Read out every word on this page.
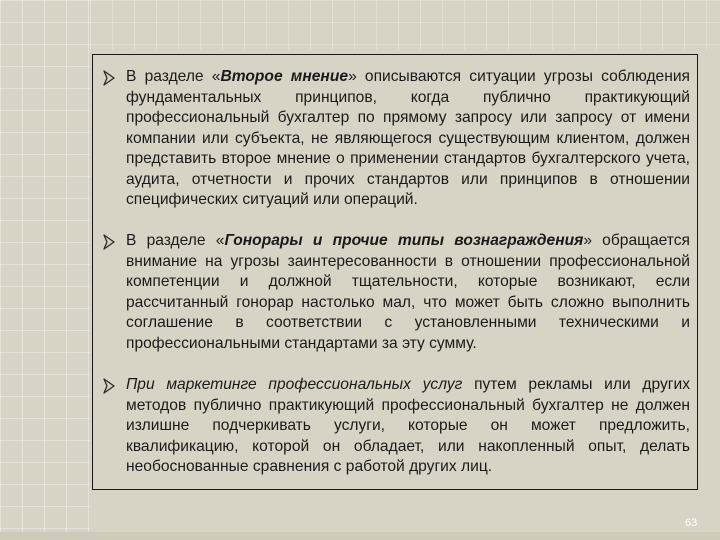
В разделе «Второе мнение» описываются ситуации угрозы соблюдения фундаментальных принципов, когда публично практикующий профессиональный бухгалтер по прямому запросу или запросу от имени компании или субъекта, не являющегося существующим клиентом, должен представить второе мнение о применении стандартов бухгалтерского учета, аудита, отчетности и прочих стандартов или принципов в отношении специфических ситуаций или операций.

В разделе «Гонорары и прочие типы вознаграждения» обращается внимание на угрозы заинтересованности в отношении профессиональной компетенции и должной тщательности, которые возникают, если рассчитанный гонорар настолько мал, что может быть сложно выполнить соглашение в соответствии с установленными техническими и профессиональными стандартами за эту сумму.

При маркетинге профессиональных услуг путем рекламы или других методов публично практикующий профессиональный бухгалтер не должен излишне подчеркивать услуги, которые он может предложить, квалификацию, которой он обладает, или накопленный опыт, делать необоснованные сравнения с работой других лиц.

63
